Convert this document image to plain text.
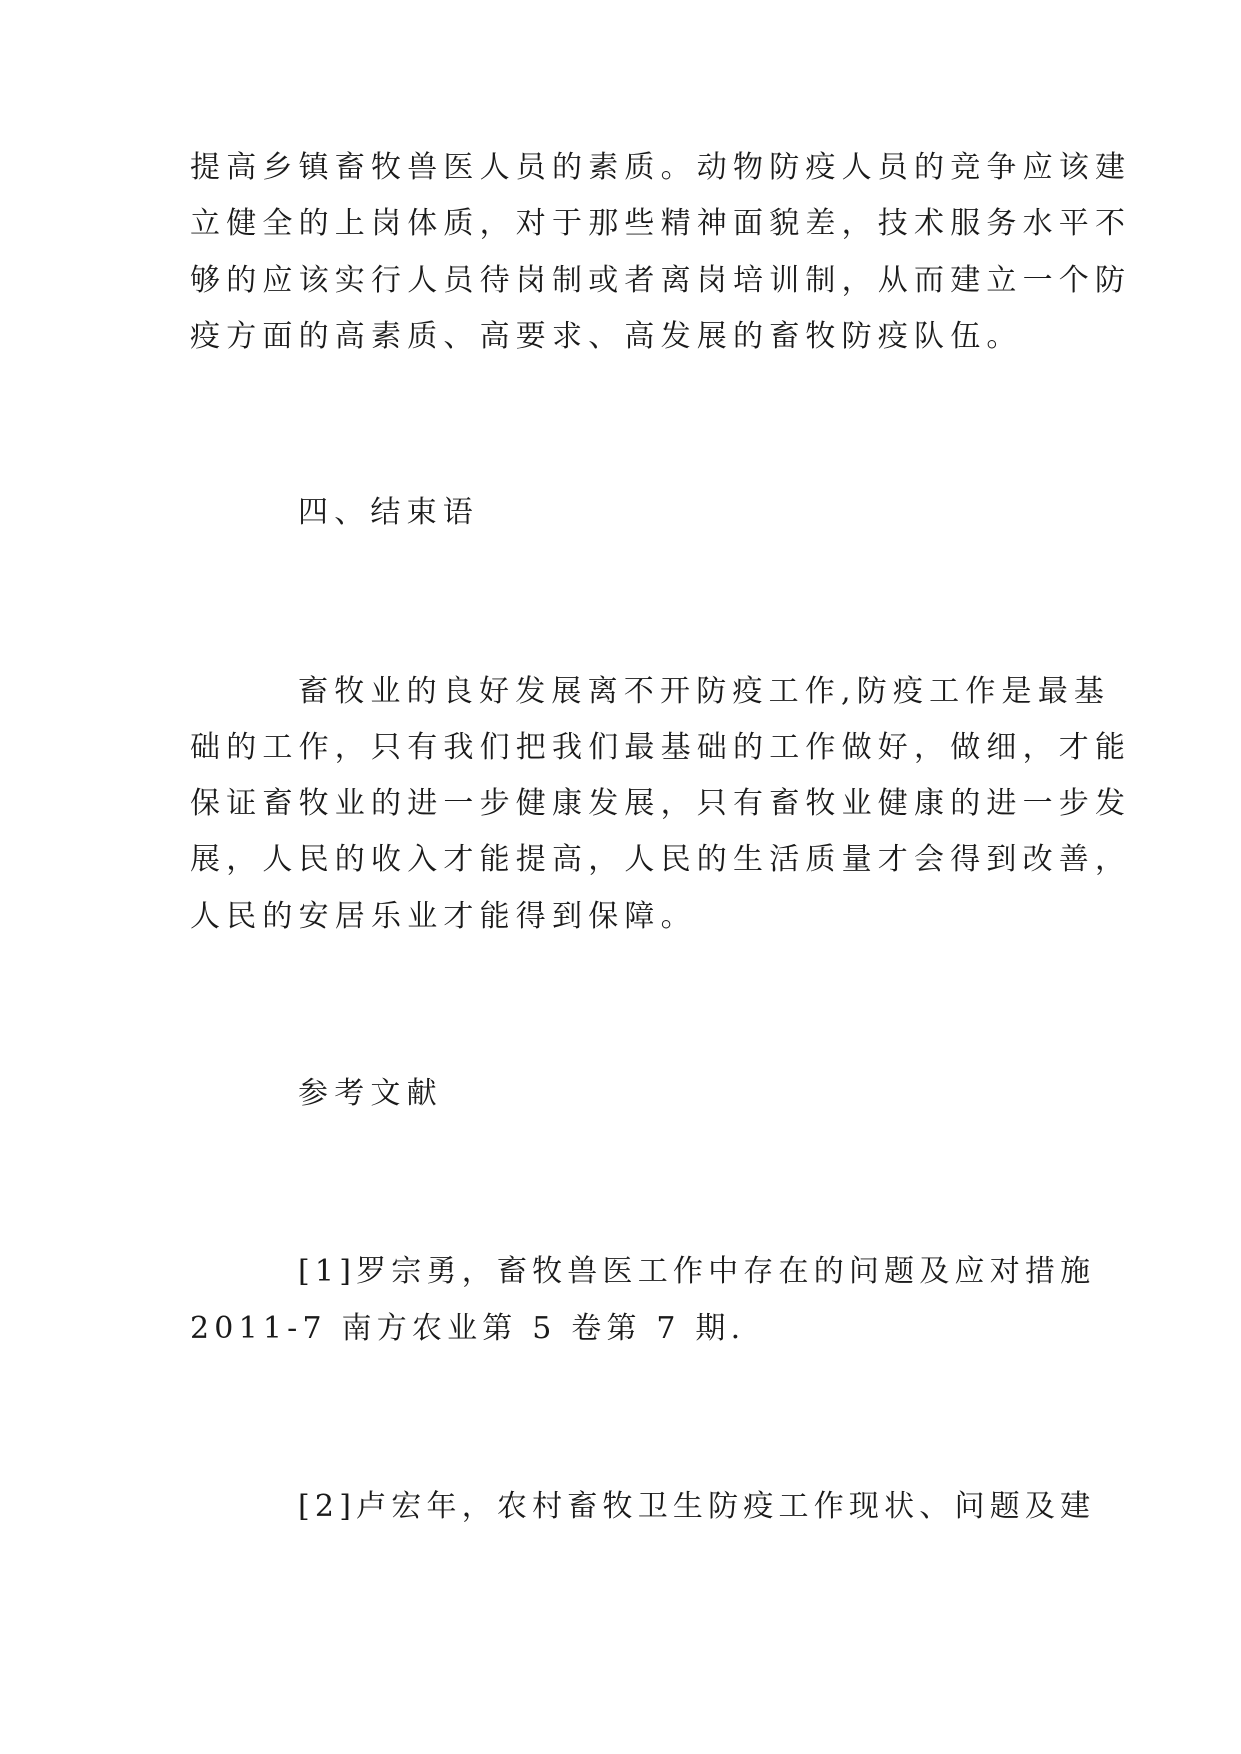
提高乡镇畜牧兽医人员的素质。动物防疫人员的竞争应该建
立健全的上岗体质，对于那些精神面貌差，技术服务水平不
够的应该实行人员待岗制或者离岗培训制，从而建立一个防
疫方面的高素质、高要求、高发展的畜牧防疫队伍。
四、结束语
畜牧业的良好发展离不开防疫工作,防疫工作是最基
础的工作，只有我们把我们最基础的工作做好，做细，才能
保证畜牧业的进一步健康发展，只有畜牧业健康的进一步发
展，人民的收入才能提高，人民的生活质量才会得到改善，
人民的安居乐业才能得到保障。
参考文献
[1]罗宗勇，畜牧兽医工作中存在的问题及应对措施
2011-7 南方农业第 5 卷第 7 期.
[2]卢宏年，农村畜牧卫生防疫工作现状、问题及建
